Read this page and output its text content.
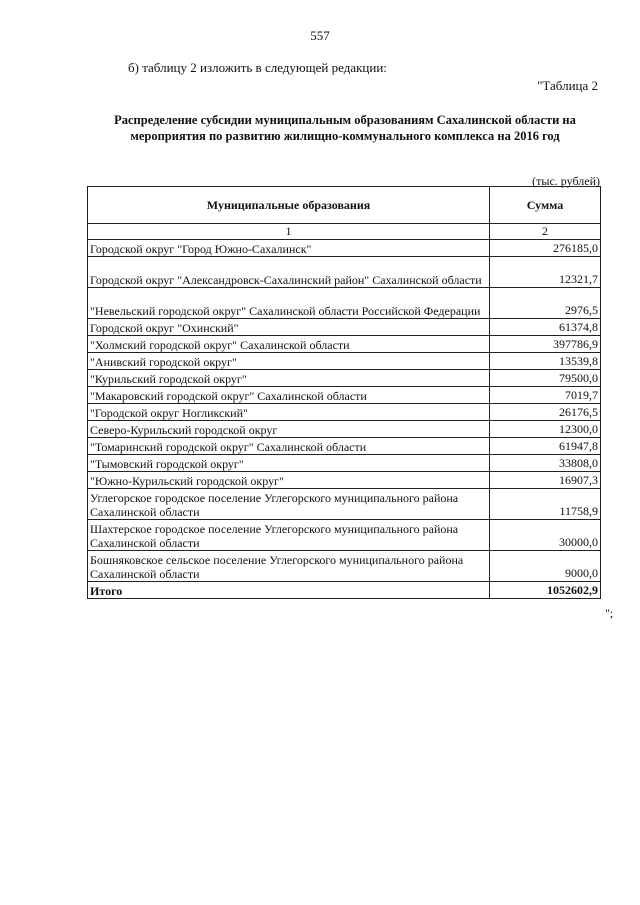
557
б) таблицу 2 изложить в следующей редакции:
"Таблица 2
Распределение субсидии муниципальным образованиям Сахалинской области на
мероприятия по развитию жилищно-коммунального комплекса на 2016 год
(тыс. рублей)
Муниципальные образования	Сумма
1	2
Городской округ "Город Южно-Сахалинск"	276185,0
Городской округ "Александровск-Сахалинский район" Сахалинской области	12321,7
"Невельский городской округ" Сахалинской области Российской Федерации	2976,5
Городской округ "Охинский"	61374,8
"Холмский городской округ" Сахалинской области	397786,9
"Анивский городской округ"	13539,8
"Курильский городской округ"	79500,0
"Макаровский городской округ" Сахалинской области	7019,7
"Городской округ Ногликский"	26176,5
Северо-Курильский городской округ	12300,0
"Томаринский городской округ" Сахалинской области	61947,8
"Тымовский городской округ"	33808,0
"Южно-Курильский городской округ"	16907,3
Углегорское городское поселение Углегорского муниципального района Сахалинской области	11758,9
Шахтерское городское поселение Углегорского муниципального района Сахалинской области	30000,0
Бошняковское сельское поселение Углегорского муниципального района Сахалинской области	9000,0
Итого	1052602,9
";
